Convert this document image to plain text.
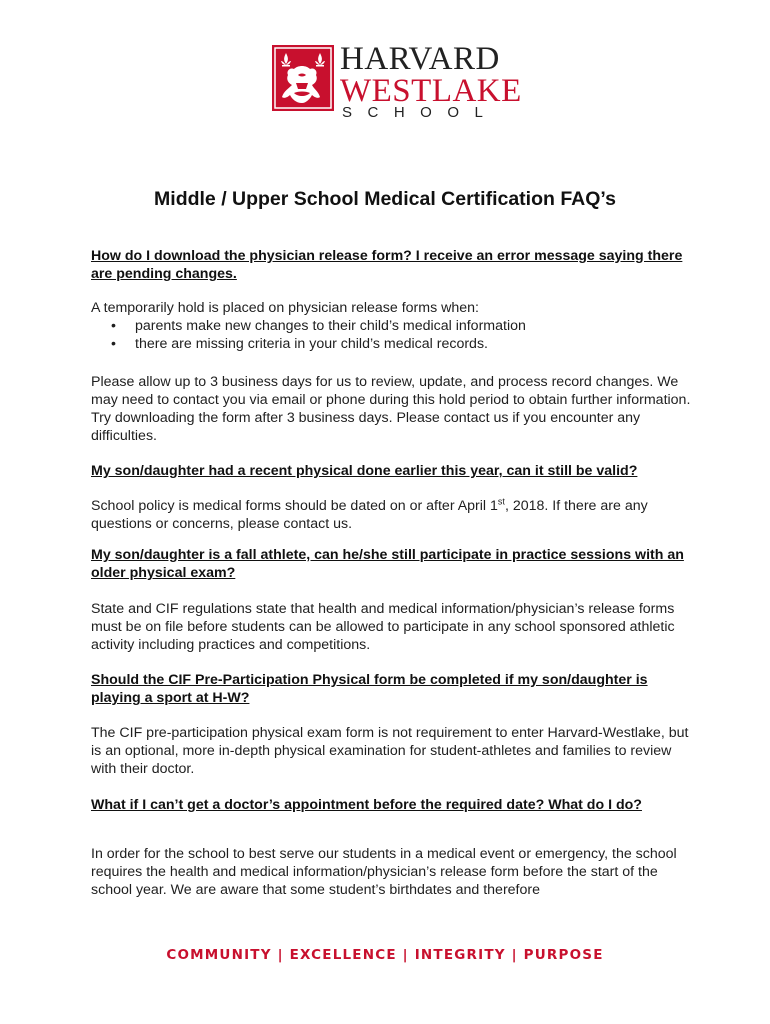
HARVARD
WESTLAKE
SCHOOL
Middle / Upper School Medical Certification FAQ’s
How do I download the physician release form? I receive an error message saying there are pending changes.
A temporarily hold is placed on physician release forms when:
• parents make new changes to their child’s medical information
• there are missing criteria in your child’s medical records.
Please allow up to 3 business days for us to review, update, and process record changes. We may need to contact you via email or phone during this hold period to obtain further information. Try downloading the form after 3 business days. Please contact us if you encounter any difficulties.
My son/daughter had a recent physical done earlier this year, can it still be valid?
School policy is medical forms should be dated on or after April 1st, 2018. If there are any questions or concerns, please contact us.
My son/daughter is a fall athlete, can he/she still participate in practice sessions with an older physical exam?
State and CIF regulations state that health and medical information/physician’s release forms must be on file before students can be allowed to participate in any school sponsored athletic activity including practices and competitions.
Should the CIF Pre-Participation Physical form be completed if my son/daughter is playing a sport at H-W?
The CIF pre-participation physical exam form is not requirement to enter Harvard-Westlake, but is an optional, more in-depth physical examination for student-athletes and families to review with their doctor.
What if I can’t get a doctor’s appointment before the required date? What do I do?
In order for the school to best serve our students in a medical event or emergency, the school requires the health and medical information/physician’s release form before the start of the school year. We are aware that some student’s birthdates and therefore
COMMUNITY | EXCELLENCE | INTEGRITY | PURPOSE
